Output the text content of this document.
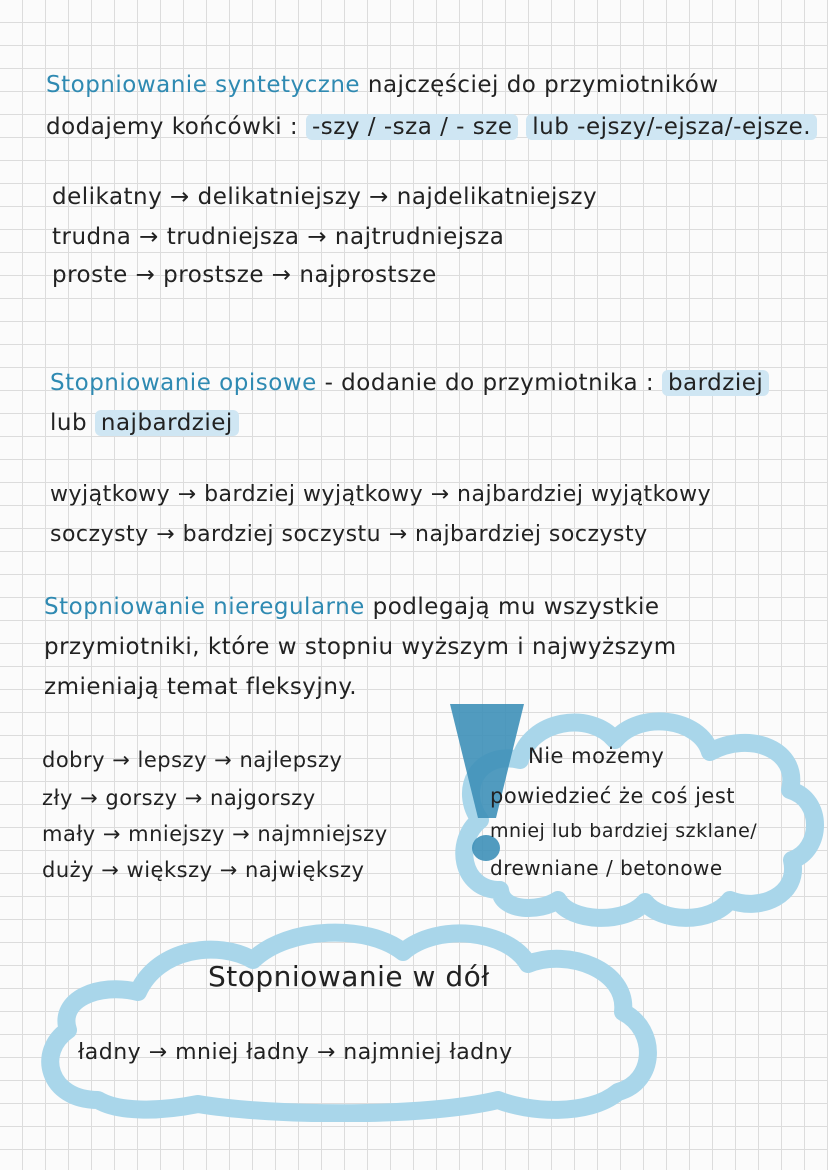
Stopniowanie syntetyczne najczęściej do przymiotników
dodajemy końcówki : -szy / -sza / - sze lub -ejszy/-ejsza/-ejsze.
delikatny → delikatniejszy → najdelikatniejszy
trudna → trudniejsza → najtrudniejsza
proste → prostsze → najprostsze
Stopniowanie opisowe - dodanie do przymiotnika : bardziej
lub najbardziej
wyjątkowy → bardziej wyjątkowy → najbardziej wyjątkowy
soczysty → bardziej soczystu → najbardziej soczysty
Stopniowanie nieregularne podlegają mu wszystkie
przymiotniki, które w stopniu wyższym i najwyższym
zmieniają temat fleksyjny.
dobry → lepszy → najlepszy
zły → gorszy → najgorszy
mały → mniejszy → najmniejszy
duży → większy → największy
Nie możemy
powiedzieć że coś jest
mniej lub bardziej szklane/
drewniane / betonowe
Stopniowanie w dół
ładny → mniej ładny → najmniej ładny
